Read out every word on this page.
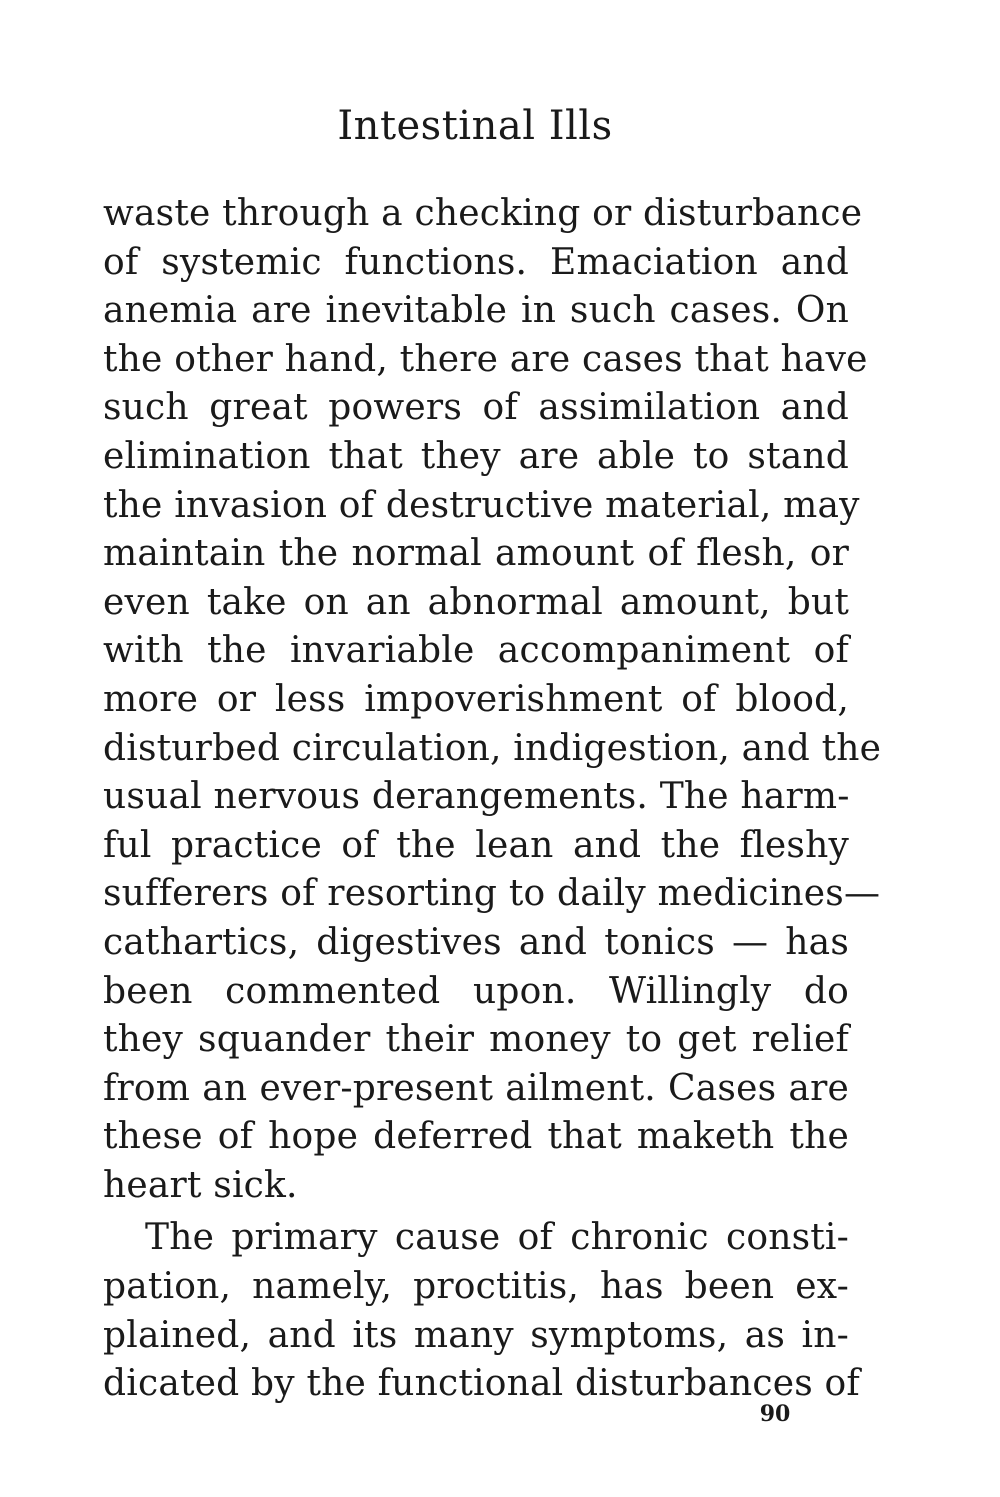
Intestinal Ills
waste through a checking or disturbance
of systemic functions. Emaciation and
anemia are inevitable in such cases. On
the other hand, there are cases that have
such great powers of assimilation and
elimination that they are able to stand
the invasion of destructive material, may
maintain the normal amount of flesh, or
even take on an abnormal amount, but
with the invariable accompaniment of
more or less impoverishment of blood,
disturbed circulation, indigestion, and the
usual nervous derangements. The harm-
ful practice of the lean and the fleshy
sufferers of resorting to daily medicines—
cathartics, digestives and tonics — has
been commented upon. Willingly do
they squander their money to get relief
from an ever-present ailment. Cases are
these of hope deferred that maketh the
heart sick.
The primary cause of chronic consti-
pation, namely, proctitis, has been ex-
plained, and its many symptoms, as in-
dicated by the functional disturbances of
90
